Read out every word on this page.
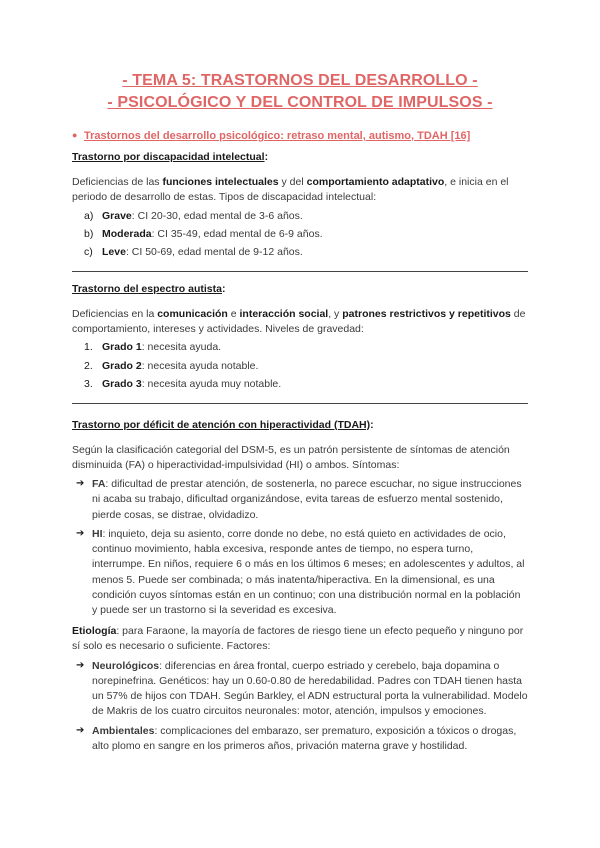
- TEMA 5: TRASTORNOS DEL DESARROLLO -
- PSICOLÓGICO Y DEL CONTROL DE IMPULSOS -
● Trastornos del desarrollo psicológico: retraso mental, autismo, TDAH [16]
Trastorno por discapacidad intelectual:
Deficiencias de las funciones intelectuales y del comportamiento adaptativo, e inicia en el periodo de desarrollo de estas. Tipos de discapacidad intelectual:
a) Grave: CI 20-30, edad mental de 3-6 años.
b) Moderada: CI 35-49, edad mental de 6-9 años.
c) Leve: CI 50-69, edad mental de 9-12 años.
Trastorno del espectro autista:
Deficiencias en la comunicación e interacción social, y patrones restrictivos y repetitivos de comportamiento, intereses y actividades. Niveles de gravedad:
1. Grado 1: necesita ayuda.
2. Grado 2: necesita ayuda notable.
3. Grado 3: necesita ayuda muy notable.
Trastorno por déficit de atención con hiperactividad (TDAH):
Según la clasificación categorial del DSM-5, es un patrón persistente de síntomas de atención disminuida (FA) o hiperactividad-impulsividad (HI) o ambos. Síntomas:
➔ FA: dificultad de prestar atención, de sostenerla, no parece escuchar, no sigue instrucciones ni acaba su trabajo, dificultad organizándose, evita tareas de esfuerzo mental sostenido, pierde cosas, se distrae, olvidadizo.
➔ HI: inquieto, deja su asiento, corre donde no debe, no está quieto en actividades de ocio, continuo movimiento, habla excesiva, responde antes de tiempo, no espera turno, interrumpe. En niños, requiere 6 o más en los últimos 6 meses; en adolescentes y adultos, al menos 5. Puede ser combinada; o más inatenta/hiperactiva. En la dimensional, es una condición cuyos síntomas están en un continuo; con una distribución normal en la población y puede ser un trastorno si la severidad es excesiva.
Etiología: para Faraone, la mayoría de factores de riesgo tiene un efecto pequeño y ninguno por sí solo es necesario o suficiente. Factores:
➔ Neurológicos: diferencias en área frontal, cuerpo estriado y cerebelo, baja dopamina o norepinefrina. Genéticos: hay un 0.60-0.80 de heredabilidad. Padres con TDAH tienen hasta un 57% de hijos con TDAH. Según Barkley, el ADN estructural porta la vulnerabilidad. Modelo de Makris de los cuatro circuitos neuronales: motor, atención, impulsos y emociones.
➔ Ambientales: complicaciones del embarazo, ser prematuro, exposición a tóxicos o drogas, alto plomo en sangre en los primeros años, privación materna grave y hostilidad.
